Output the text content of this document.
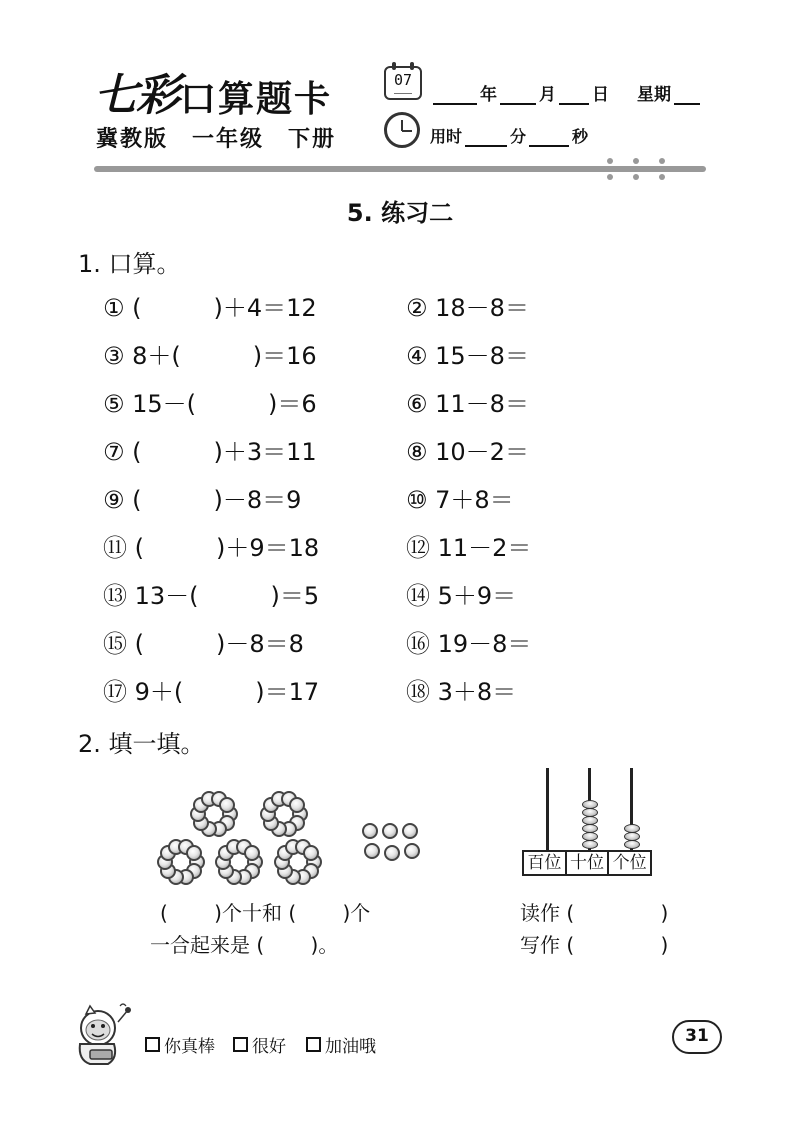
七彩 口算题卡
冀教版　一年级　下册
07
年 月 日 星期
用时	分	秒
5. 练习二
1. 口算。
① (　　　)＋4＝12	② 18－8＝
③ 8＋(　　　)＝16	④ 15－8＝
⑤ 15－(　　　)＝6	⑥ 11－8＝
⑦ (　　　)＋3＝11	⑧ 10－2＝
⑨ (　　　)－8＝9	⑩ 7＋8＝
⑪ (　　　)＋9＝18	⑫ 11－2＝
⑬ 13－(　　　)＝5	⑭ 5＋9＝
⑮ (　　　)－8＝8	⑯ 19－8＝
⑰ 9＋(　　　)＝17	⑱ 3＋8＝
2. 填一填。
(　　 )个十和 (　　 )个
一合起来是 (　　 )。
百位 十位 个位
读作 (　　　　 )
写作 (　　　　 )
你真棒 很好 加油哦
31
